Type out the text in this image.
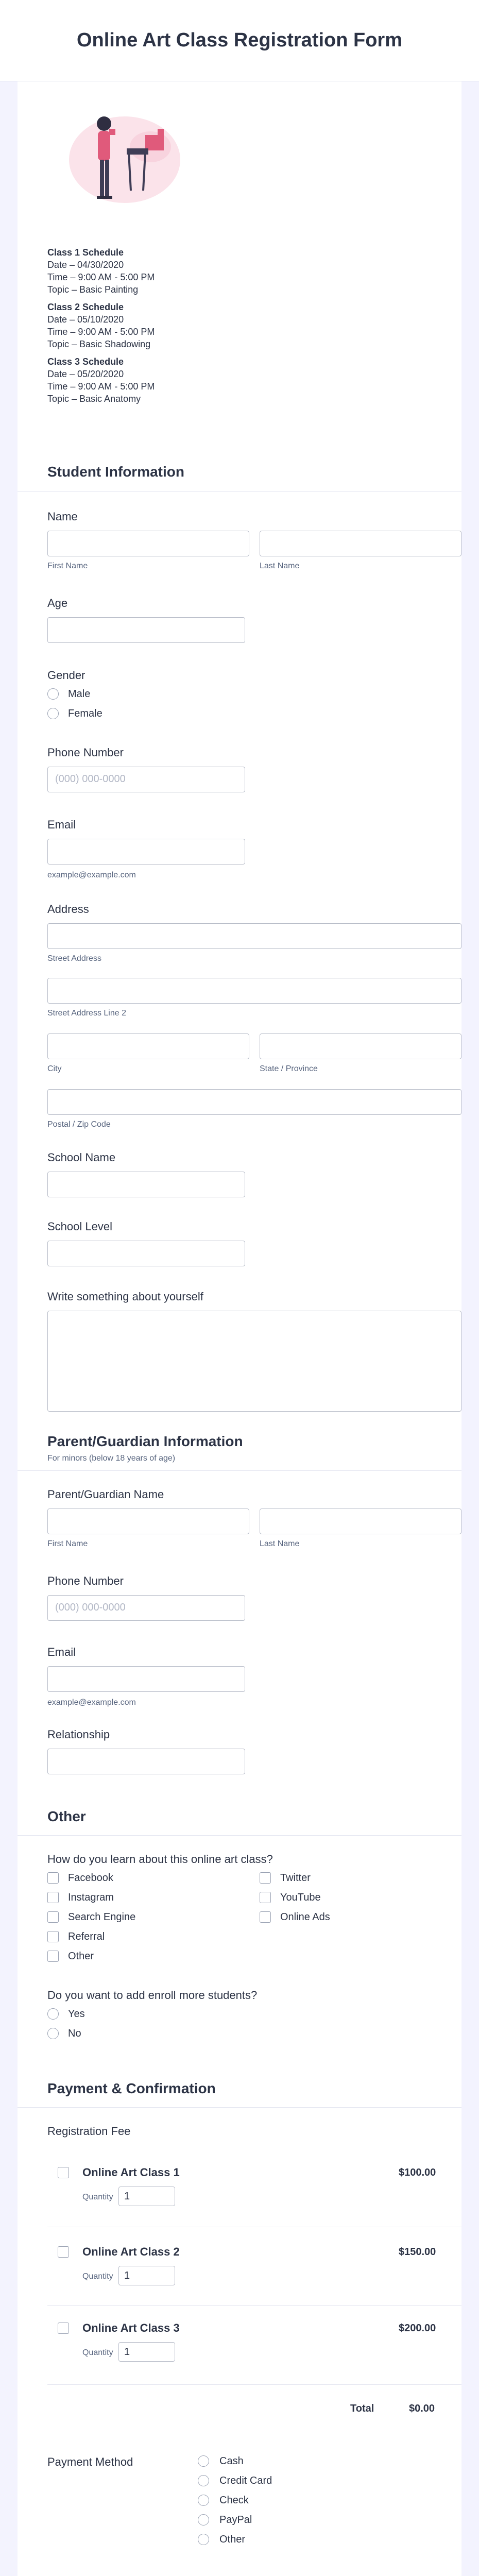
Online Art Class Registration Form
Class 1 Schedule
Date – 04/30/2020
Time – 9:00 AM - 5:00 PM
Topic – Basic Painting
Class 2 Schedule
Date – 05/10/2020
Time – 9:00 AM - 5:00 PM
Topic – Basic Shadowing
Class 3 Schedule
Date – 05/20/2020
Time – 9:00 AM - 5:00 PM
Topic – Basic Anatomy
Student Information
Name
First Name	Last Name
Age
Gender
Male
Female
Phone Number
(000) 000-0000
Email
example@example.com
Address
Street Address
Street Address Line 2
City	State / Province
Postal / Zip Code
School Name
School Level
Write something about yourself
Parent/Guardian Information
For minors (below 18 years of age)
Parent/Guardian Name
First Name	Last Name
Phone Number
(000) 000-0000
Email
example@example.com
Relationship
Other
How do you learn about this online art class?
Facebook
Instagram
Search Engine
Referral
Other
Twitter
YouTube
Online Ads
Do you want to add enroll more students?
Yes
No
Payment & Confirmation
Registration Fee
Online Art Class 1	$100.00
Quantity	1
Online Art Class 2	$150.00
Quantity	1
Online Art Class 3	$200.00
Quantity	1
Total	$0.00
Payment Method	Cash
Credit Card
Check
PayPal
Other
